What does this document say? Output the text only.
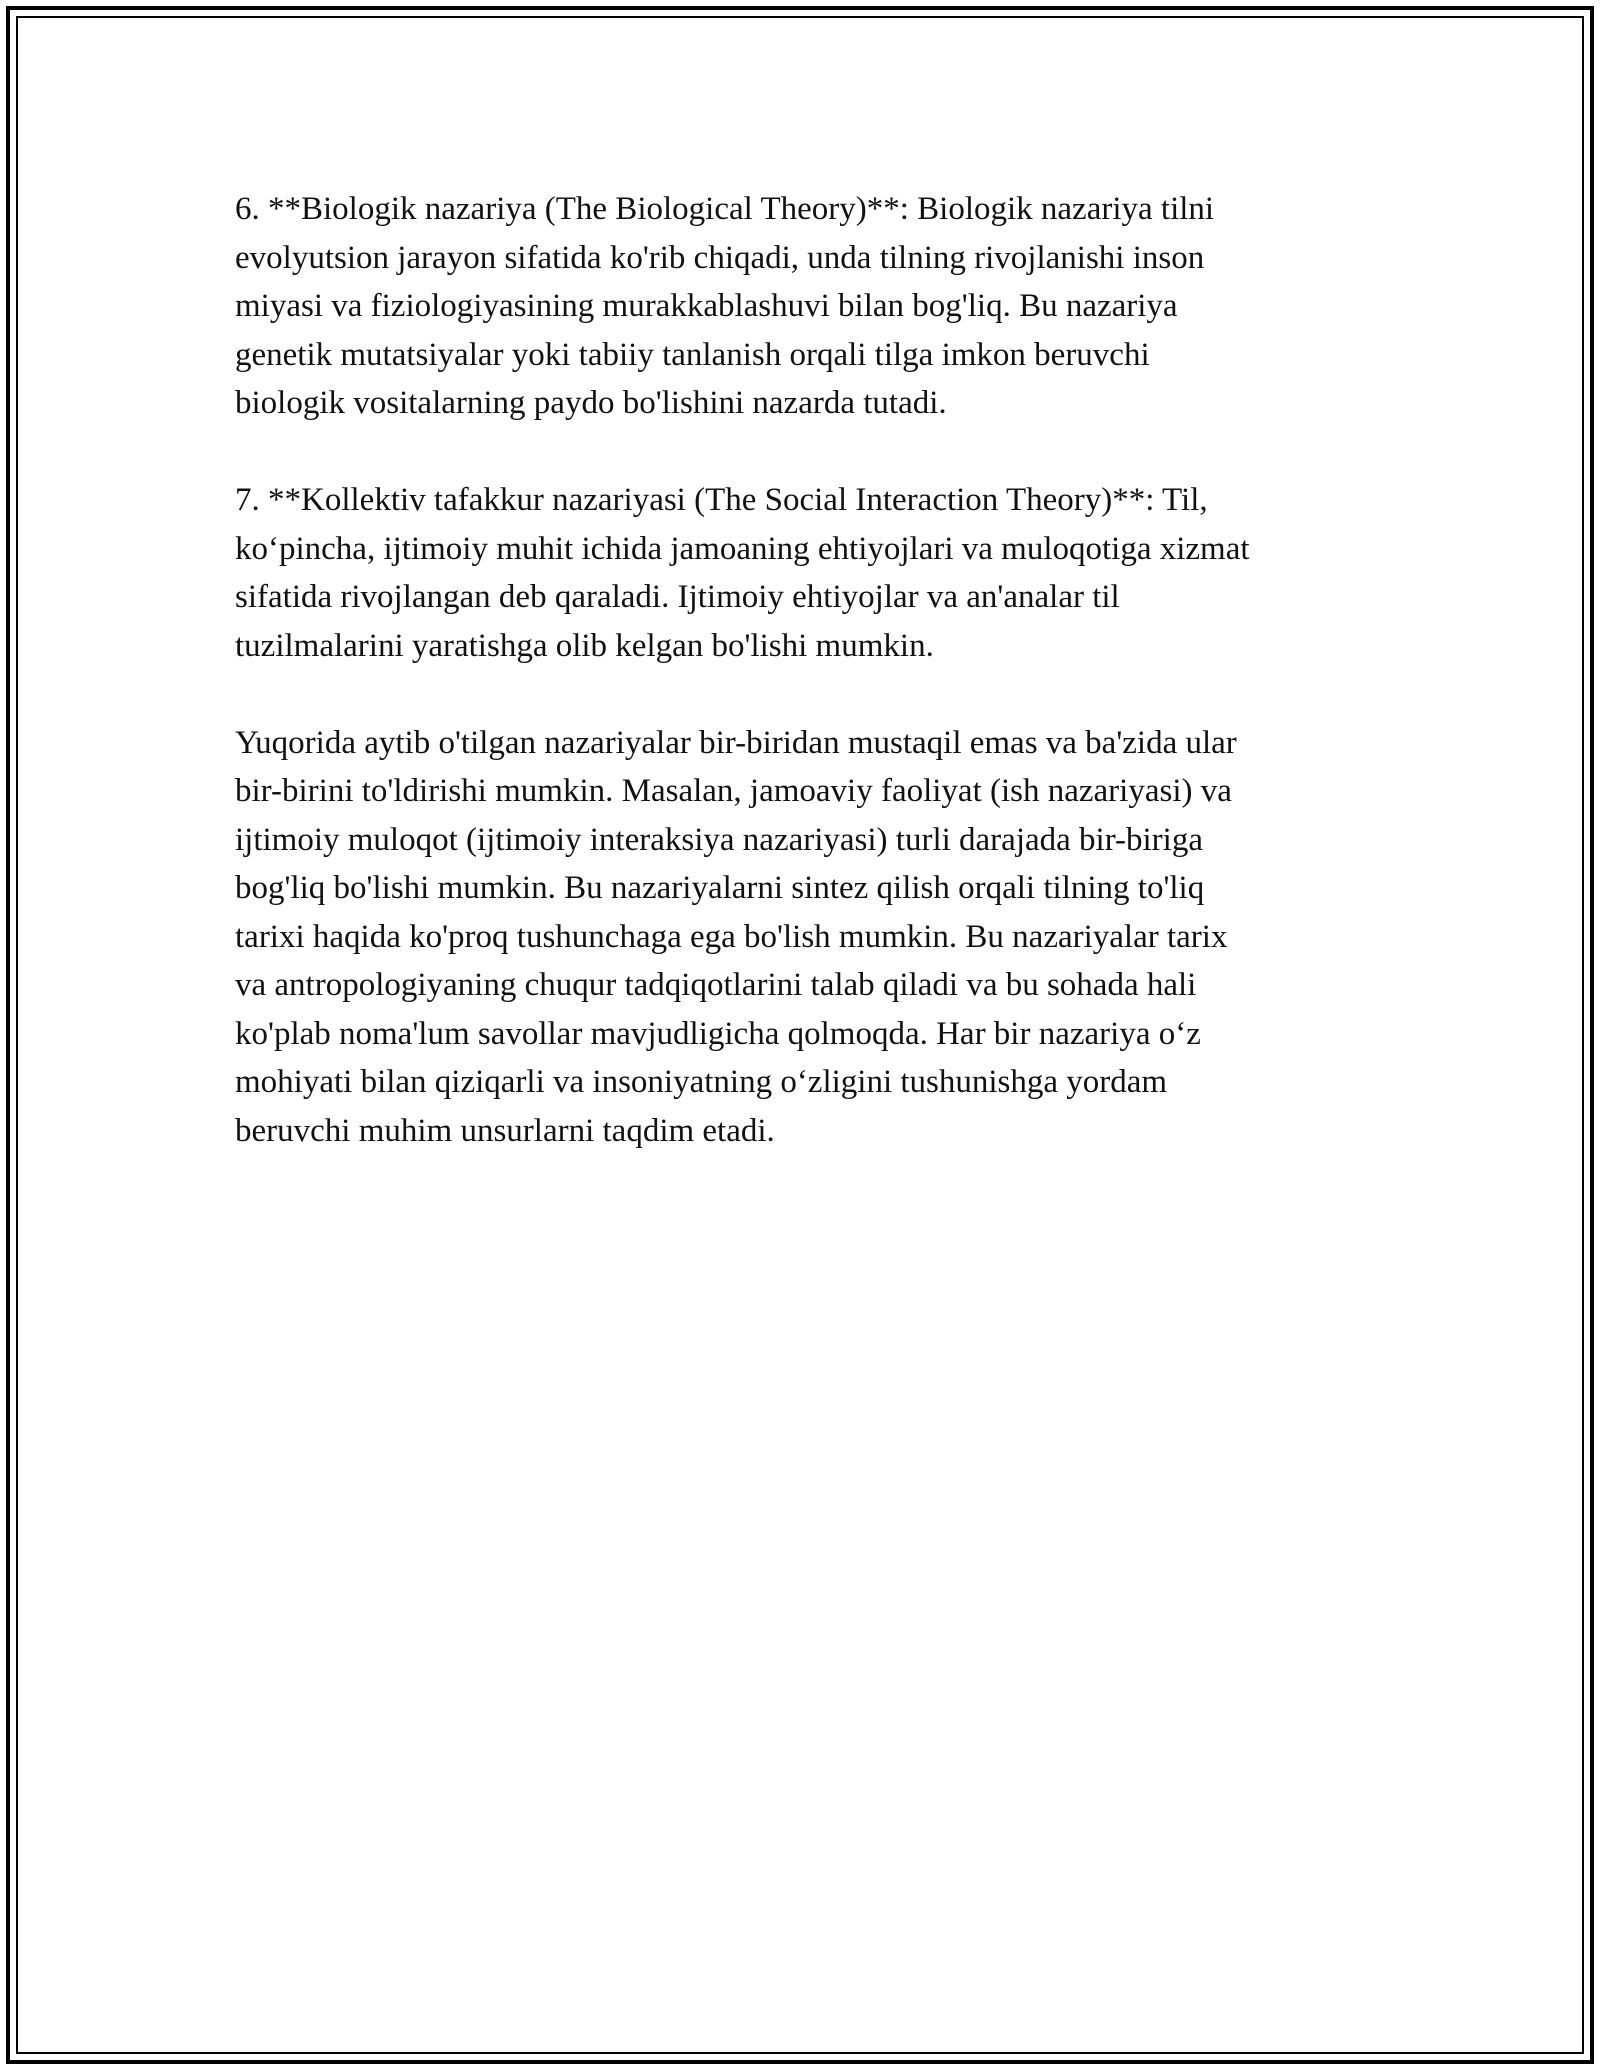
6. **Biologik nazariya (The Biological Theory)**: Biologik nazariya tilni
evolyutsion jarayon sifatida ko'rib chiqadi, unda tilning rivojlanishi inson
miyasi va fiziologiyasining murakkablashuvi bilan bog'liq. Bu nazariya
genetik mutatsiyalar yoki tabiiy tanlanish orqali tilga imkon beruvchi
biologik vositalarning paydo bo'lishini nazarda tutadi.

7. **Kollektiv tafakkur nazariyasi (The Social Interaction Theory)**: Til,
ko‘pincha, ijtimoiy muhit ichida jamoaning ehtiyojlari va muloqotiga xizmat
sifatida rivojlangan deb qaraladi. Ijtimoiy ehtiyojlar va an'analar til
tuzilmalarini yaratishga olib kelgan bo'lishi mumkin.

Yuqorida aytib o'tilgan nazariyalar bir-biridan mustaqil emas va ba'zida ular
bir-birini to'ldirishi mumkin. Masalan, jamoaviy faoliyat (ish nazariyasi) va
ijtimoiy muloqot (ijtimoiy interaksiya nazariyasi) turli darajada bir-biriga
bog'liq bo'lishi mumkin. Bu nazariyalarni sintez qilish orqali tilning to'liq
tarixi haqida ko'proq tushunchaga ega bo'lish mumkin. Bu nazariyalar tarix
va antropologiyaning chuqur tadqiqotlarini talab qiladi va bu sohada hali
ko'plab noma'lum savollar mavjudligicha qolmoqda. Har bir nazariya o‘z
mohiyati bilan qiziqarli va insoniyatning o‘zligini tushunishga yordam
beruvchi muhim unsurlarni taqdim etadi.
